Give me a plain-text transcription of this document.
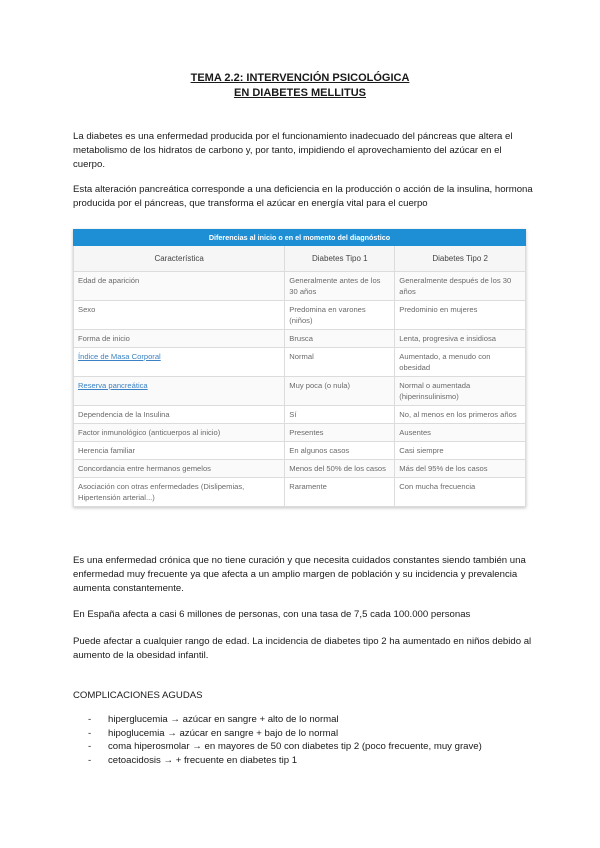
TEMA 2.2: INTERVENCIÓN PSICOLÓGICA
EN DIABETES MELLITUS
La diabetes es una enfermedad producida por el funcionamiento inadecuado del páncreas que altera el metabolismo de los hidratos de carbono y, por tanto, impidiendo el aprovechamiento del azúcar en el cuerpo.
Esta alteración pancreática corresponde a una deficiencia en la producción o acción de la insulina, hormona producida por el páncreas, que transforma el azúcar en energía vital para el cuerpo
Diferencias al inicio o en el momento del diagnóstico		
Característica	Diabetes Tipo 1	Diabetes Tipo 2
Edad de aparición	Generalmente antes de los 30 años	Generalmente después de los 30 años
Sexo	Predomina en varones (niños)	Predominio en mujeres
Forma de inicio	Brusca	Lenta, progresiva e insidiosa
Índice de Masa Corporal	Normal	Aumentado, a menudo con obesidad
Reserva pancreática	Muy poca (o nula)	Normal o aumentada (hiperinsulinismo)
Dependencia de la Insulina	Sí	No, al menos en los primeros años
Factor inmunológico (anticuerpos al inicio)	Presentes	Ausentes
Herencia familiar	En algunos casos	Casi siempre
Concordancia entre hermanos gemelos	Menos del 50% de los casos	Más del 95% de los casos
Asociación con otras enfermedades (Dislipemias, Hipertensión arterial...)	Raramente	Con mucha frecuencia
Es una enfermedad crónica que no tiene curación y que necesita cuidados constantes siendo también una enfermedad muy frecuente ya que afecta a un amplio margen de población y su incidencia y prevalencia aumenta constantemente.
En España afecta a casi 6 millones de personas, con una tasa de 7,5 cada 100.000 personas
Puede afectar a cualquier rango de edad. La incidencia de diabetes tipo 2 ha aumentado en niños debido al aumento de la obesidad infantil.
COMPLICACIONES AGUDAS
- hiperglucemia → azúcar en sangre + alto de lo normal
- hipoglucemia → azúcar en sangre + bajo de lo normal
- coma hiperosmolar → en mayores de 50 con diabetes tip 2 (poco frecuente, muy grave)
- cetoacidosis → + frecuente en diabetes tip 1
